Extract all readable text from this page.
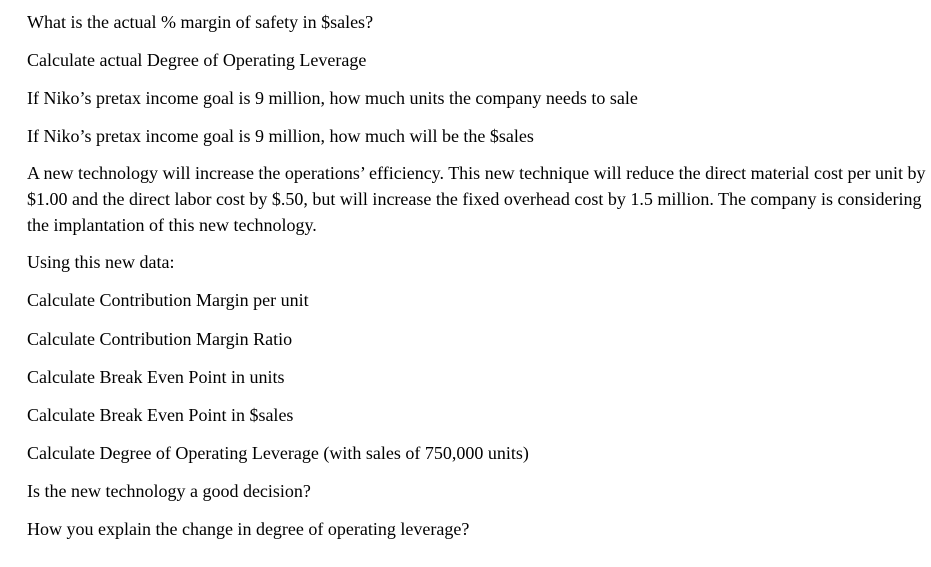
What is the actual % margin of safety in $sales?

Calculate actual Degree of Operating Leverage

If Niko’s pretax income goal is 9 million, how much units the company needs to sale

If Niko’s pretax income goal is 9 million, how much will be the $sales

A new technology will increase the operations’ efficiency. This new technique will reduce the direct material cost per unit by $1.00 and the direct labor cost by $.50, but will increase the fixed overhead cost by 1.5 million. The company is considering the implantation of this new technology.

Using this new data:

Calculate Contribution Margin per unit

Calculate Contribution Margin Ratio

Calculate Break Even Point in units

Calculate Break Even Point in $sales

Calculate Degree of Operating Leverage (with sales of 750,000 units)

Is the new technology a good decision?

How you explain the change in degree of operating leverage?
